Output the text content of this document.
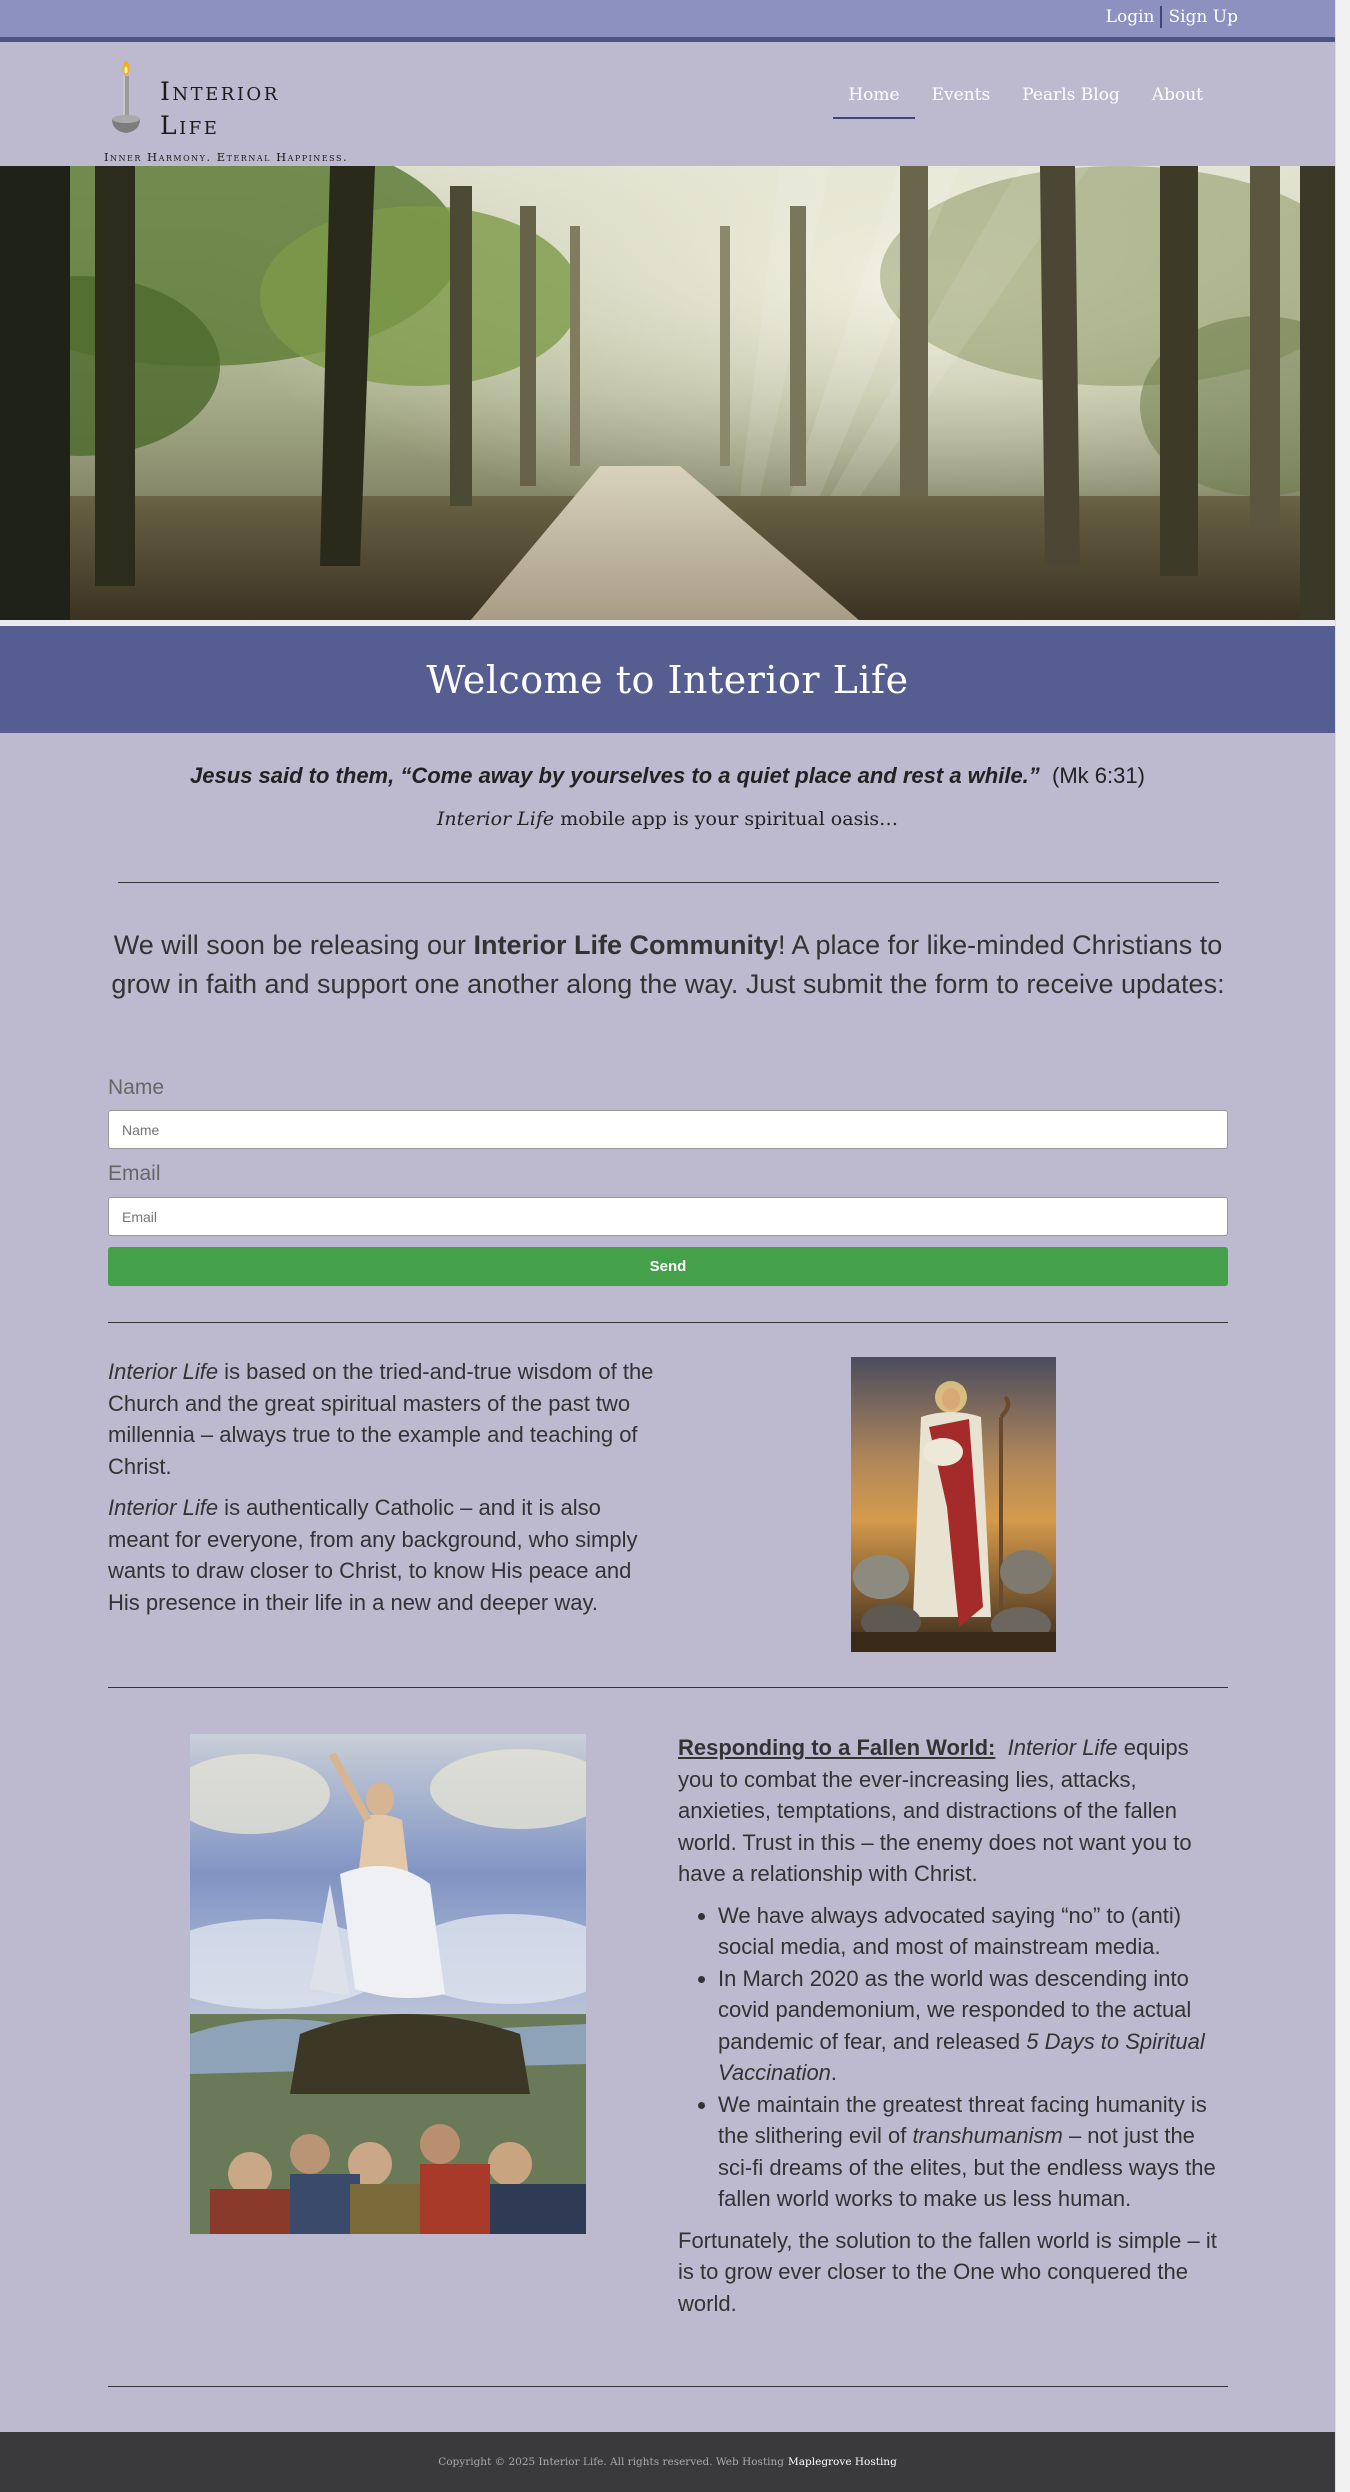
Login Sign Up
Interior
Life
Inner Harmony. Eternal Happiness.
Home	Events	Pearls Blog	About
Welcome to Interior Life
Jesus said to them, “Come away by yourselves to a quiet place and rest a while.” (Mk 6:31)
Interior Life mobile app is your spiritual oasis…
We will soon be releasing our Interior Life Community! A place for like-minded Christians to grow in faith and support one another along the way. Just submit the form to receive updates:
Name
Name
Email
Email
Send

Interior Life is based on the tried-and-true wisdom of the Church and the great spiritual masters of the past two millennia – always true to the example and teaching of Christ.

Interior Life is authentically Catholic – and it is also meant for everyone, from any background, who simply wants to draw closer to Christ, to know His peace and His presence in their life in a new and deeper way.

Responding to a Fallen World: Interior Life equips you to combat the ever-increasing lies, attacks, anxieties, temptations, and distractions of the fallen world. Trust in this – the enemy does not want you to have a relationship with Christ.

• We have always advocated saying “no” to (anti) social media, and most of mainstream media.
• In March 2020 as the world was descending into covid pandemonium, we responded to the actual pandemic of fear, and released 5 Days to Spiritual Vaccination.
• We maintain the greatest threat facing humanity is the slithering evil of transhumanism – not just the sci-fi dreams of the elites, but the endless ways the fallen world works to make us less human.

Fortunately, the solution to the fallen world is simple – it is to grow ever closer to the One who conquered the world.

Copyright © 2025 Interior Life. All rights reserved. Web Hosting Maplegrove Hosting
